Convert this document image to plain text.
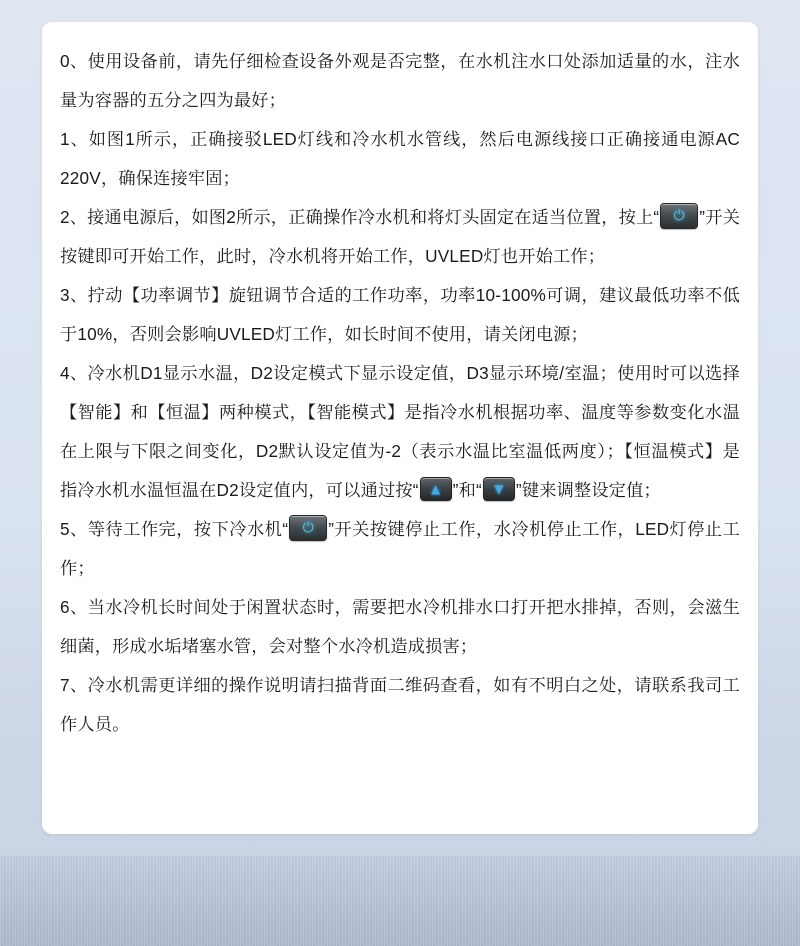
0、使用设备前，请先仔细检查设备外观是否完整，在水机注水口处添加适量的水，注水量为容器的五分之四为最好；

1、如图1所示，正确接驳LED灯线和冷水机水管线，然后电源线接口正确接通电源AC 220V，确保连接牢固；

2、接通电源后，如图2所示，正确操作冷水机和将灯头固定在适当位置，按上“	⏻ ”开关按键即可开始工作，此时，冷水机将开始工作，UVLED灯也开始工作；

3、拧动【功率调节】旋钮调节合适的工作功率，功率10-100%可调，建议最低功率不低于10%，否则会影响UVLED灯工作，如长时间不使用，请关闭电源；

4、冷水机D1显示水温，D2设定模式下显示设定值，D3显示环境/室温；使用时可以选择【智能】和【恒温】两种模式，【智能模式】是指冷水机根据功率、温度等参数变化水温在上限与下限之间变化，D2默认设定值为-2（表示水温比室温低两度）；【恒温模式】是指冷水机水温恒温在D2设定值内，可以通过按“	▲ ”和“	▼ ”键来调整设定值；

5、等待工作完，按下冷水机“	⏻ ”开关按键停止工作，水冷机停止工作，LED灯停止工作；

6、当水冷机长时间处于闲置状态时，需要把水冷机排水口打开把水排掉，否则，会滋生细菌，形成水垢堵塞水管，会对整个水冷机造成损害；

7、冷水机需更详细的操作说明请扫描背面二维码查看，如有不明白之处，请联系我司工作人员。
